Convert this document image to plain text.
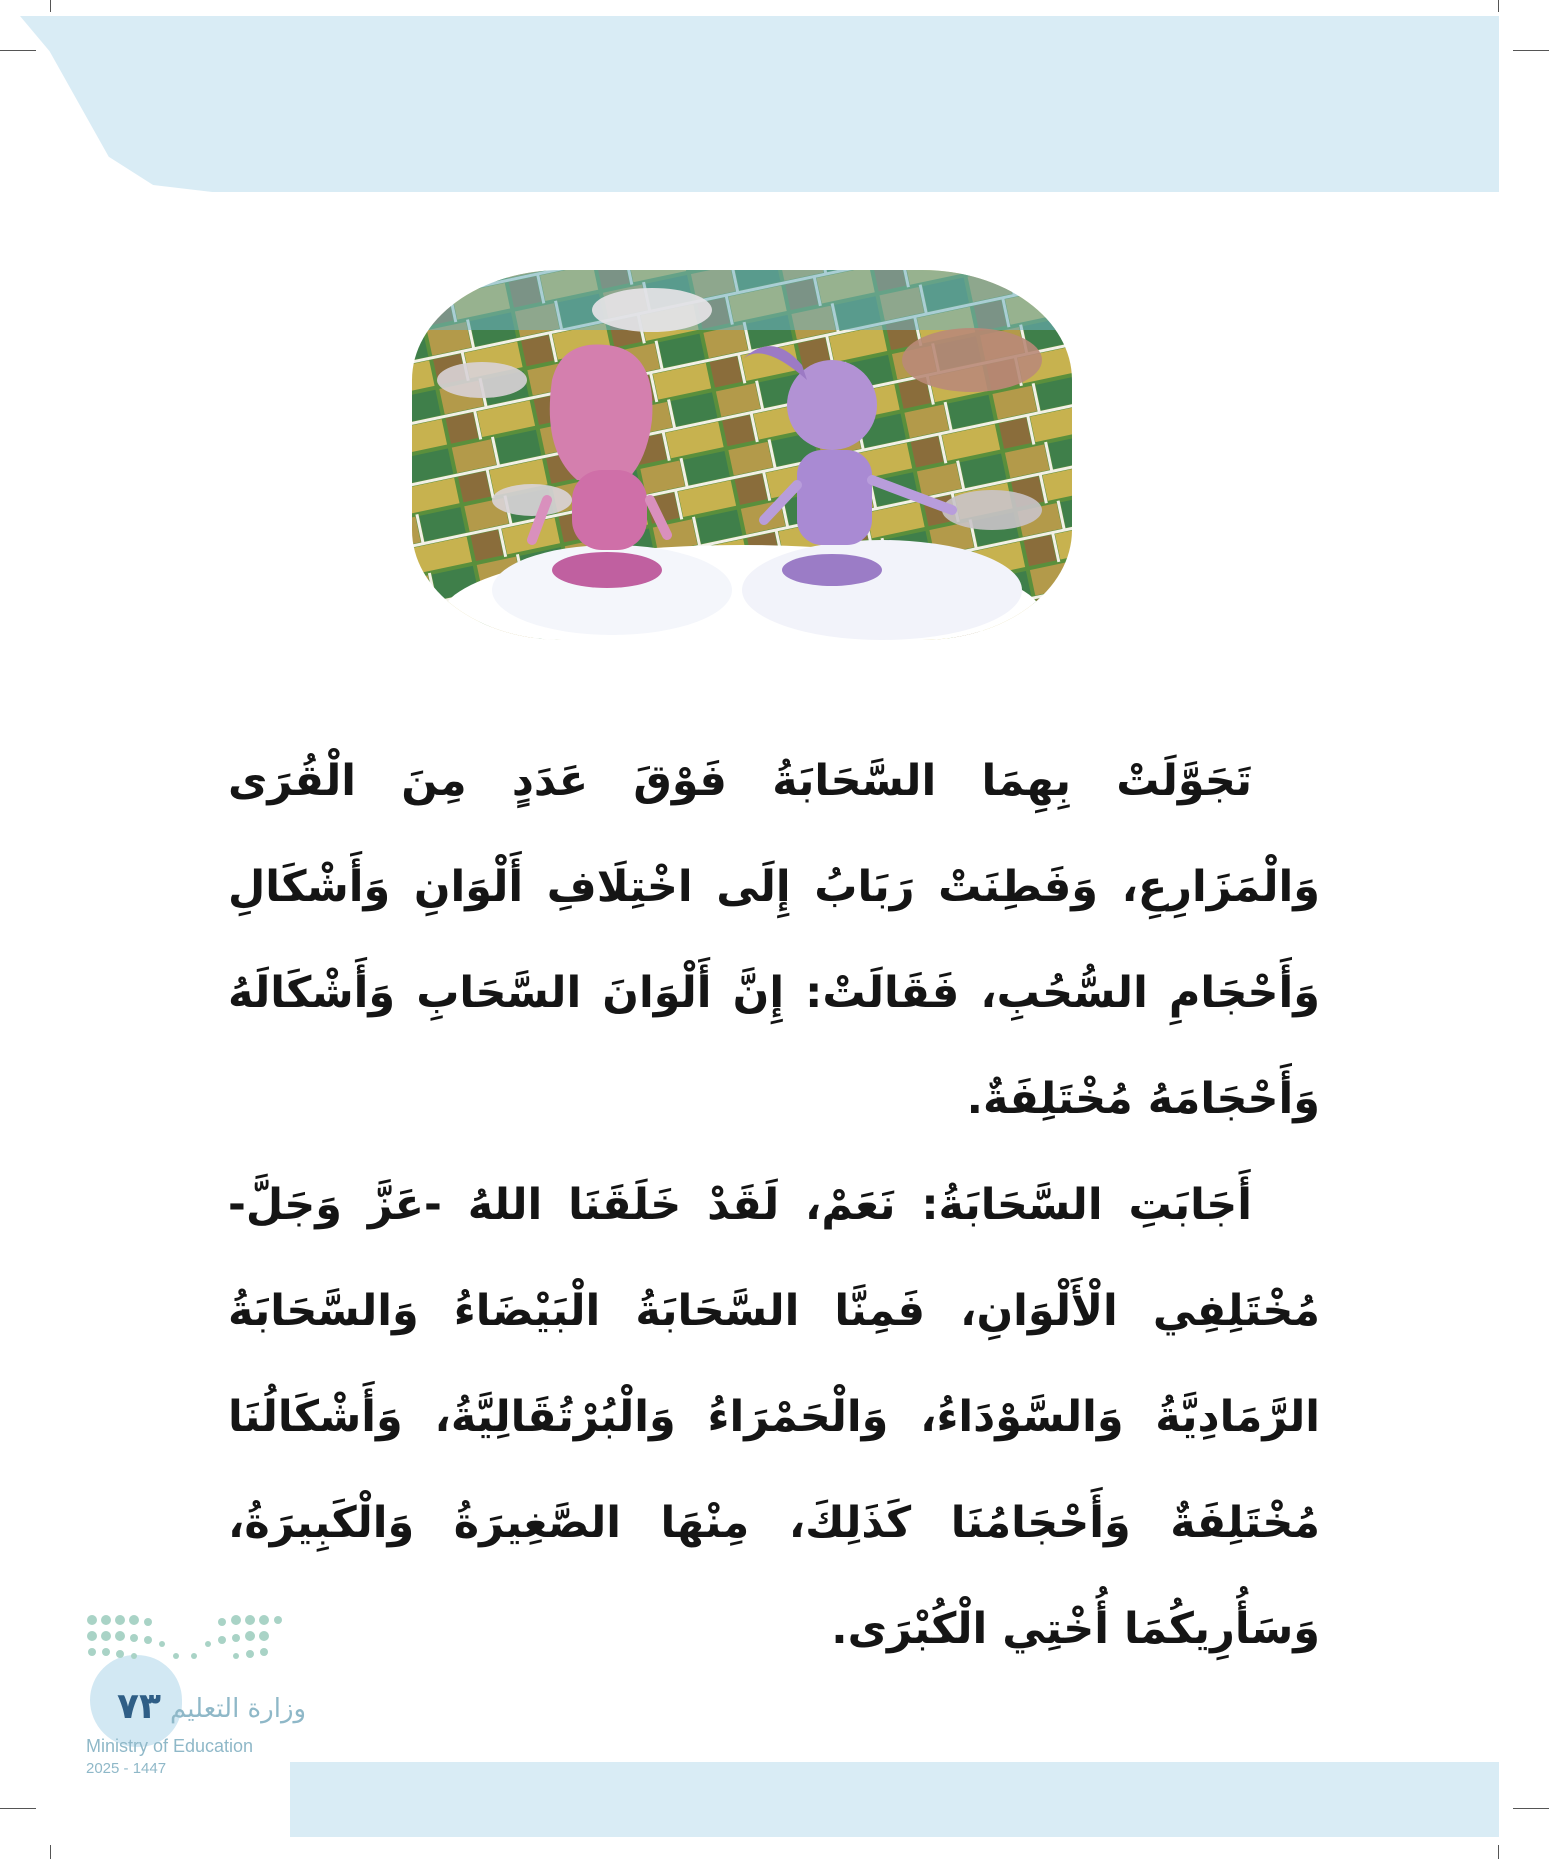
تَجَوَّلَتْ بِهِمَا السَّحَابَةُ فَوْقَ عَدَدٍ مِنَ الْقُرَى وَالْمَزَارِعِ، وَفَطِنَتْ رَبَابُ إِلَى اخْتِلَافِ أَلْوَانِ وَأَشْكَالِ وَأَحْجَامِ السُّحُبِ، فَقَالَتْ: إِنَّ أَلْوَانَ السَّحَابِ وَأَشْكَالَهُ وَأَحْجَامَهُ مُخْتَلِفَةٌ.

أَجَابَتِ السَّحَابَةُ: نَعَمْ، لَقَدْ خَلَقَنَا اللهُ -عَزَّ وَجَلَّ- مُخْتَلِفِي الْأَلْوَانِ، فَمِنَّا السَّحَابَةُ الْبَيْضَاءُ وَالسَّحَابَةُ الرَّمَادِيَّةُ وَالسَّوْدَاءُ، وَالْحَمْرَاءُ وَالْبُرْتُقَالِيَّةُ، وَأَشْكَالُنَا مُخْتَلِفَةٌ وَأَحْجَامُنَا كَذَلِكَ، مِنْهَا الصَّغِيرَةُ وَالْكَبِيرَةُ، وَسَأُرِيكُمَا أُخْتِي الْكُبْرَى.

٧٣ وزارة التعليم
Ministry of Education
2025 - 1447
